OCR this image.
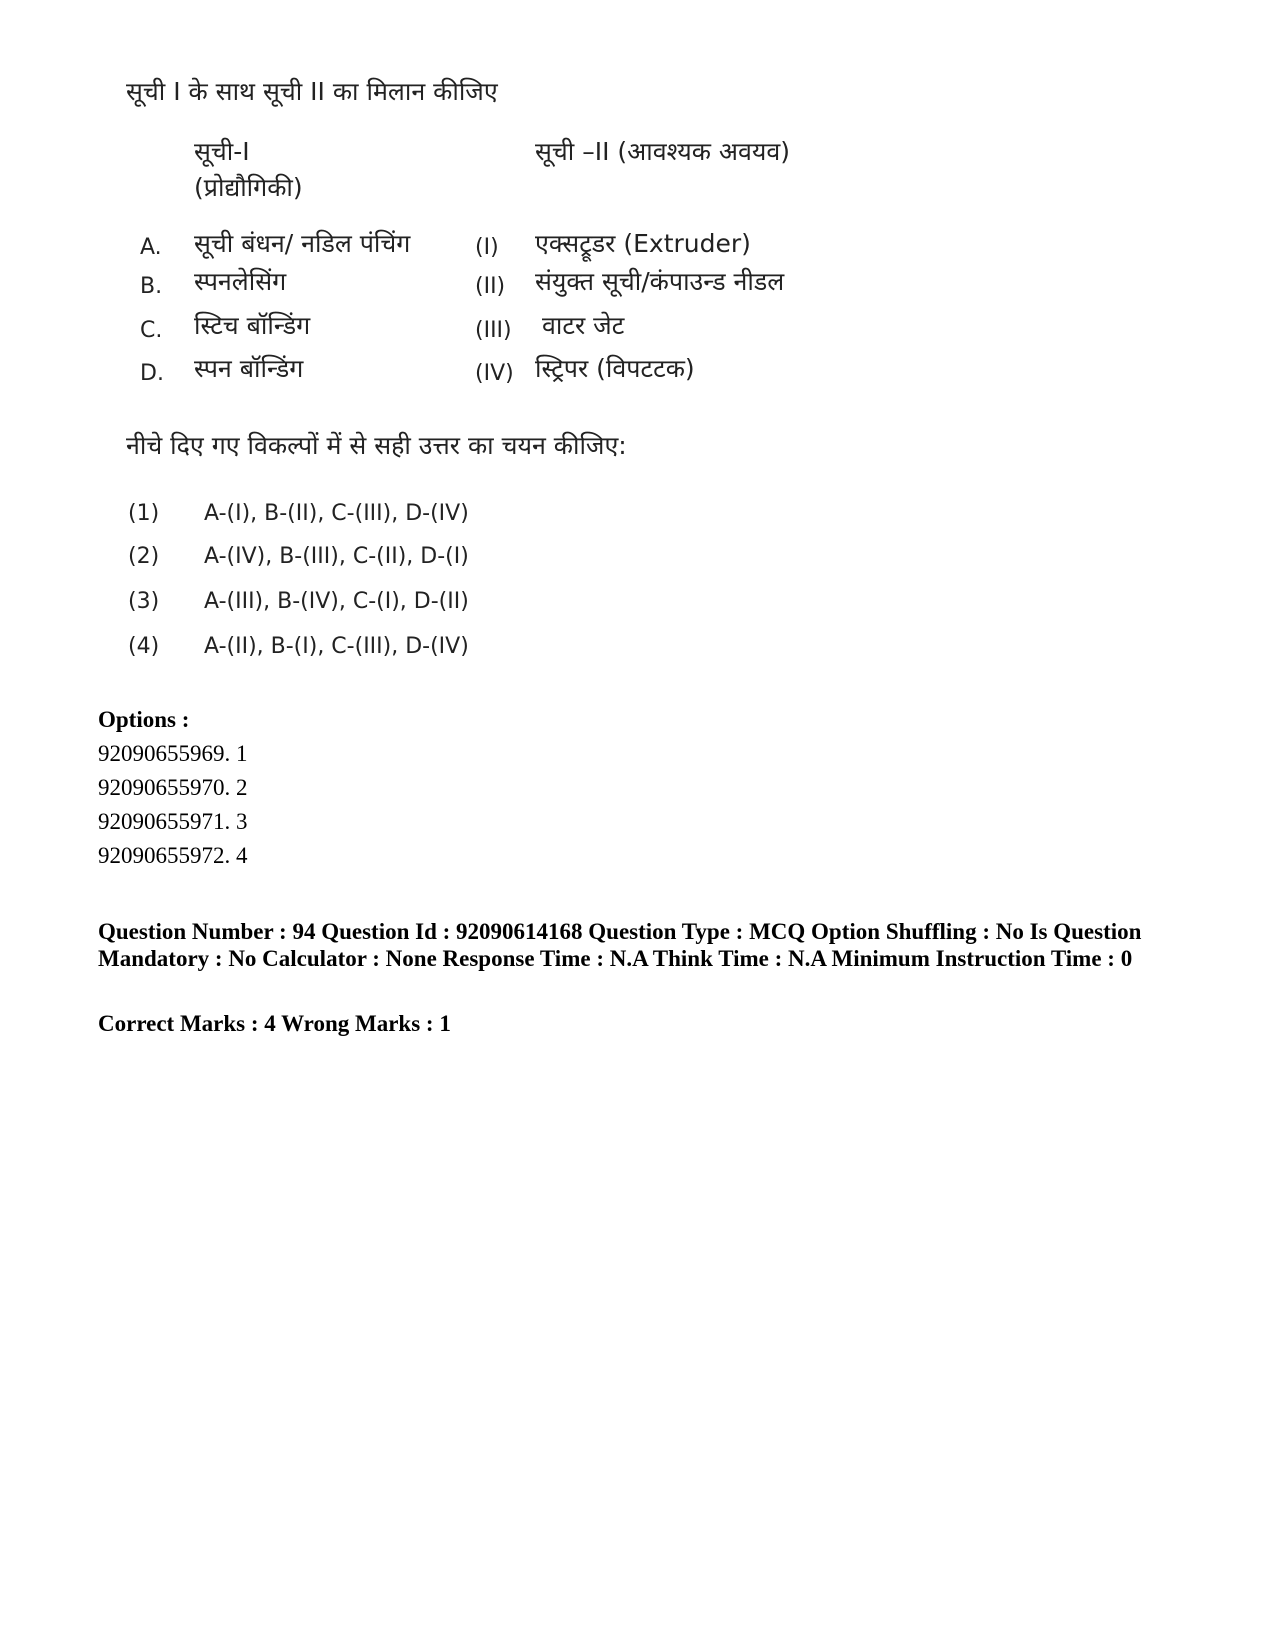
सूची I के साथ सूची II का मिलान कीजिए
सूची-I
(प्रोद्यौगिकी)
सूची –II (आवश्यक अवयव)
A. सूची बंधन/ नडिल पंचिंग	(I) एक्सट्रूडर (Extruder)
B. स्पनलेसिंग	(II) संयुक्त सूची/कंपाउन्ड नीडल
C. स्टिच बॉन्डिंग	(III) वाटर जेट
D. स्पन बॉन्डिंग	(IV) स्ट्रिपर (विपटटक)
नीचे दिए गए विकल्पों में से सही उत्तर का चयन कीजिए:
(1) A-(I), B-(II), C-(III), D-(IV)
(2) A-(IV), B-(III), C-(II), D-(I)
(3) A-(III), B-(IV), C-(I), D-(II)
(4) A-(II), B-(I), C-(III), D-(IV)
Options :
92090655969. 1
92090655970. 2
92090655971. 3
92090655972. 4
Question Number : 94 Question Id : 92090614168 Question Type : MCQ Option Shuffling : No Is Question Mandatory : No Calculator : None Response Time : N.A Think Time : N.A Minimum Instruction Time : 0
Correct Marks : 4 Wrong Marks : 1
